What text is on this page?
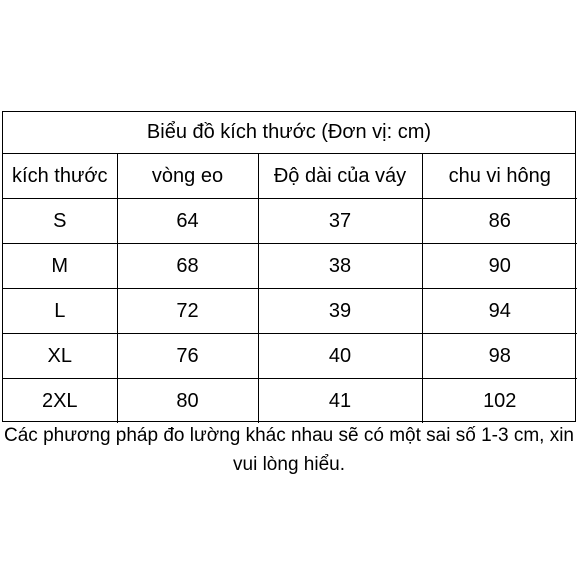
Biểu đồ kích thước (Đơn vị: cm)
kích thước	vòng eo	Độ dài của váy	chu vi hông
S	64	37	86
M	68	38	90
L	72	39	94
XL	76	40	98
2XL	80	41	102
Các phương pháp đo lường khác nhau sẽ có một sai số 1-3 cm, xin vui lòng hiểu.
